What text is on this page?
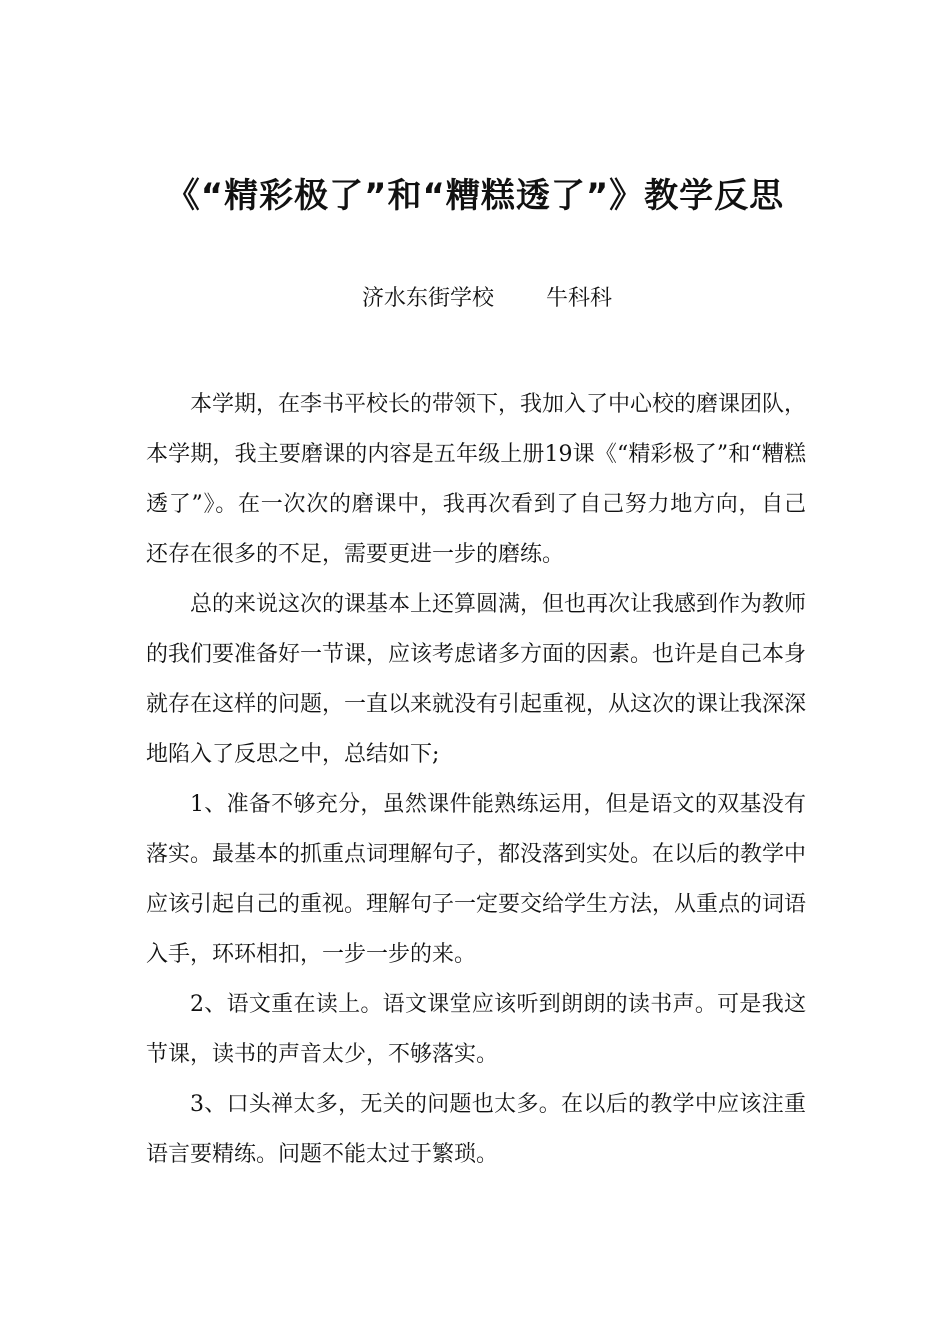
《“精彩极了”和“糟糕透了”》教学反思
济水东街学校 牛科科

本学期，在李书平校长的带领下，我加入了中心校的磨课团队，本学期，我主要磨课的内容是五年级上册19课《“精彩极了”和“糟糕透了”》。在一次次的磨课中，我再次看到了自己努力地方向，自己还存在很多的不足，需要更进一步的磨练。

总的来说这次的课基本上还算圆满，但也再次让我感到作为教师的我们要准备好一节课，应该考虑诸多方面的因素。也许是自己本身就存在这样的问题，一直以来就没有引起重视，从这次的课让我深深地陷入了反思之中，总结如下;

1、准备不够充分，虽然课件能熟练运用，但是语文的双基没有落实。最基本的抓重点词理解句子，都没落到实处。在以后的教学中应该引起自己的重视。理解句子一定要交给学生方法，从重点的词语入手，环环相扣，一步一步的来。

2、语文重在读上。语文课堂应该听到朗朗的读书声。可是我这节课，读书的声音太少，不够落实。

3、口头禅太多，无关的问题也太多。在以后的教学中应该注重语言要精练。问题不能太过于繁琐。
